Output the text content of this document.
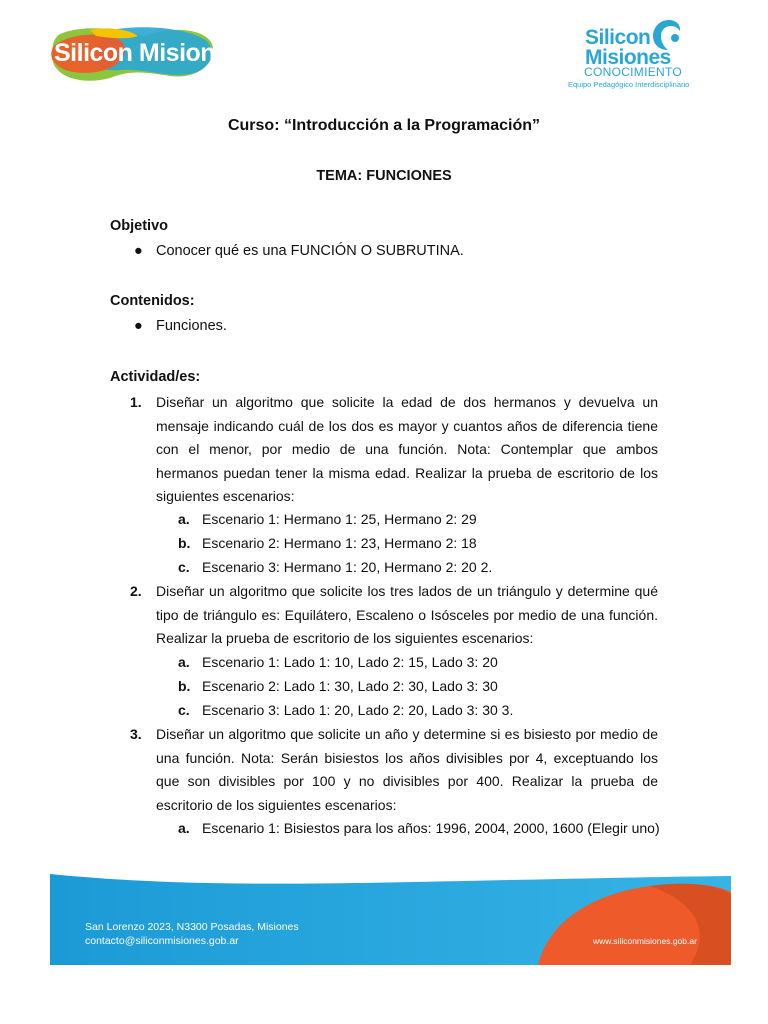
Silicon Misiones
Silicon
Misiones
CONOCIMIENTO
Equipo Pedagógico Interdisciplinario
Curso: “Introducción a la Programación”
TEMA: FUNCIONES
Objetivo
● Conocer qué es una FUNCIÓN O SUBRUTINA.
Contenidos:
● Funciones.
Actividad/es:
1.	Diseñar un algoritmo que solicite la edad de dos hermanos y devuelva un mensaje indicando cuál de los dos es mayor y cuantos años de diferencia tiene con el menor, por medio de una función. Nota: Contemplar que ambos hermanos puedan tener la misma edad. Realizar la prueba de escritorio de los siguientes escenarios:
a. Escenario 1: Hermano 1: 25, Hermano 2: 29
b. Escenario 2: Hermano 1: 23, Hermano 2: 18
c. Escenario 3: Hermano 1: 20, Hermano 2: 20 2.
2.	Diseñar un algoritmo que solicite los tres lados de un triángulo y determine qué tipo de triángulo es: Equilátero, Escaleno o Isósceles por medio de una función. Realizar la prueba de escritorio de los siguientes escenarios:
a. Escenario 1: Lado 1: 10, Lado 2: 15, Lado 3: 20
b. Escenario 2: Lado 1: 30, Lado 2: 30, Lado 3: 30
c. Escenario 3: Lado 1: 20, Lado 2: 20, Lado 3: 30 3.
3.	Diseñar un algoritmo que solicite un año y determine si es bisiesto por medio de una función. Nota: Serán bisiestos los años divisibles por 4, exceptuando los que son divisibles por 100 y no divisibles por 400. Realizar la prueba de escritorio de los siguientes escenarios:
a. Escenario 1: Bisiestos para los años: 1996, 2004, 2000, 1600 (Elegir uno)
San Lorenzo 2023, N3300 Posadas, Misiones
contacto@siliconmisiones.gob.ar	www.siliconmisiones.gob.ar
